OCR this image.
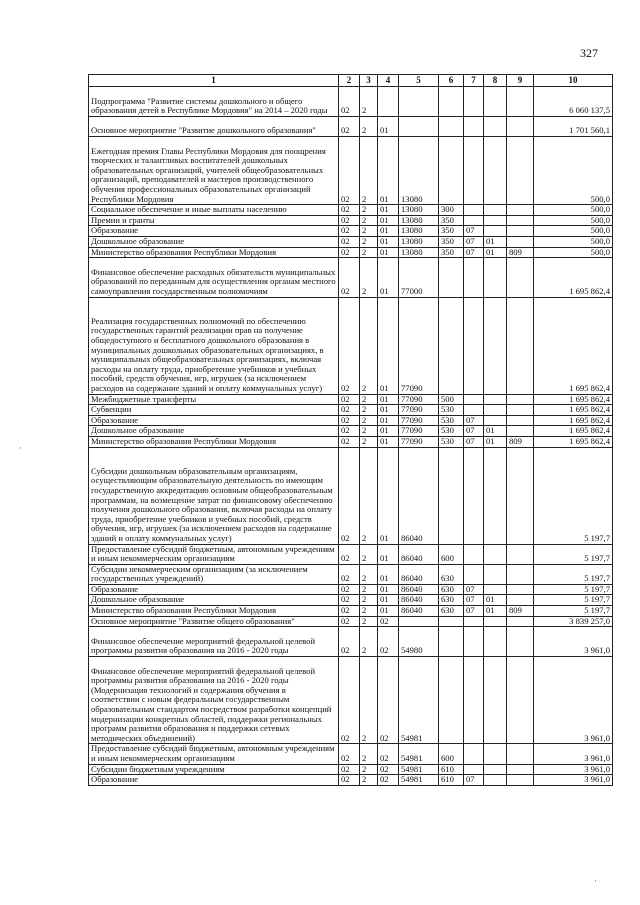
327
1	2	3	4	5	6	7	8	9	10
Подпрограмма "Развитие системы дошкольного и общего образования детей в Республике Мордовия" на 2014 – 2020 годы	02	2							6 060 137,5
Основное мероприятие "Развитие дошкольного образования"	02	2	01						1 701 560,1
Ежегодная премия Главы Республики Мордовия для поощрения творческих и талантливых воспитателей дошкольных образовательных организаций, учителей общеобразовательных организаций, преподавателей и мастеров производственного обучения профессиональных образовательных организаций Республики Мордовия	02	2	01	13080					500,0
Социальное обеспечение и иные выплаты населению	02	2	01	13080	300				500,0
Премии и гранты	02	2	01	13080	350				500,0
Образование	02	2	01	13080	350	07			500,0
Дошкольное образование	02	2	01	13080	350	07	01		500,0
Министерство образования Республики Мордовия	02	2	01	13080	350	07	01	809	500,0
Финансовое обеспечение расходных обязательств муниципальных образований по переданным для осуществления органам местного самоуправления государственным полномочиям	02	2	01	77000					1 695 862,4
Реализация государственных полномочий по обеспечению государственных гарантий реализации прав на получение общедоступного и бесплатного дошкольного образования в муниципальных дошкольных образовательных организациях, в муниципальных общеобразовательных организациях, включая расходы на оплату труда, приобретение учебников и учебных пособий, средств обучения, игр, игрушек (за исключением расходов на содержание зданий и оплату коммунальных услуг)	02	2	01	77090					1 695 862,4
Межбюджетные трансферты	02	2	01	77090	500				1 695 862,4
Субвенции	02	2	01	77090	530				1 695 862,4
Образование	02	2	01	77090	530	07			1 695 862,4
Дошкольное образование	02	2	01	77090	530	07	01		1 695 862,4
Министерство образования Республики Мордовия	02	2	01	77090	530	07	01	809	1 695 862,4
Субсидии дошкольным образовательным организациям, осуществляющим образовательную деятельность по имеющим государственную аккредитацию основным общеобразовательным программам, на возмещение затрат по финансовому обеспечению получения дошкольного образования, включая расходы на оплату труда, приобретение учебников и учебных пособий, средств обучения, игр, игрушек (за исключением расходов на содержание зданий и оплату коммунальных услуг)	02	2	01	86040					5 197,7
Предоставление субсидий бюджетным, автономным учреждениям и иным некоммерческим организациям	02	2	01	86040	600				5 197,7
Субсидии некоммерческим организациям (за исключением государственных учреждений)	02	2	01	86040	630				5 197,7
Образование	02	2	01	86040	630	07			5 197,7
Дошкольное образование	02	2	01	86040	630	07	01		5 197,7
Министерство образования Республики Мордовия	02	2	01	86040	630	07	01	809	5 197,7
Основное мероприятие "Развитие общего образования"	02	2	02						3 839 257,0
Финансовое обеспечение мероприятий федеральной целевой программы развития образования на 2016 - 2020 годы	02	2	02	54980					3 961,0
Финансовое обеспечение мероприятий федеральной целевой программы развития образования на 2016 - 2020 годы (Модернизация технологий и содержания обучения в соответствии с новым федеральным государственным образовательным стандартом посредством разработки концепций модернизации конкретных областей, поддержки региональных программ развития образования и поддержки сетевых методических объединений)	02	2	02	54981					3 961,0
Предоставление субсидий бюджетным, автономным учреждениям и иным некоммерческим организациям	02	2	02	54981	600				3 961,0
Субсидии бюджетным учреждениям	02	2	02	54981	610				3 961,0
Образование	02	2	02	54981	610	07			3 961,0
·
·
